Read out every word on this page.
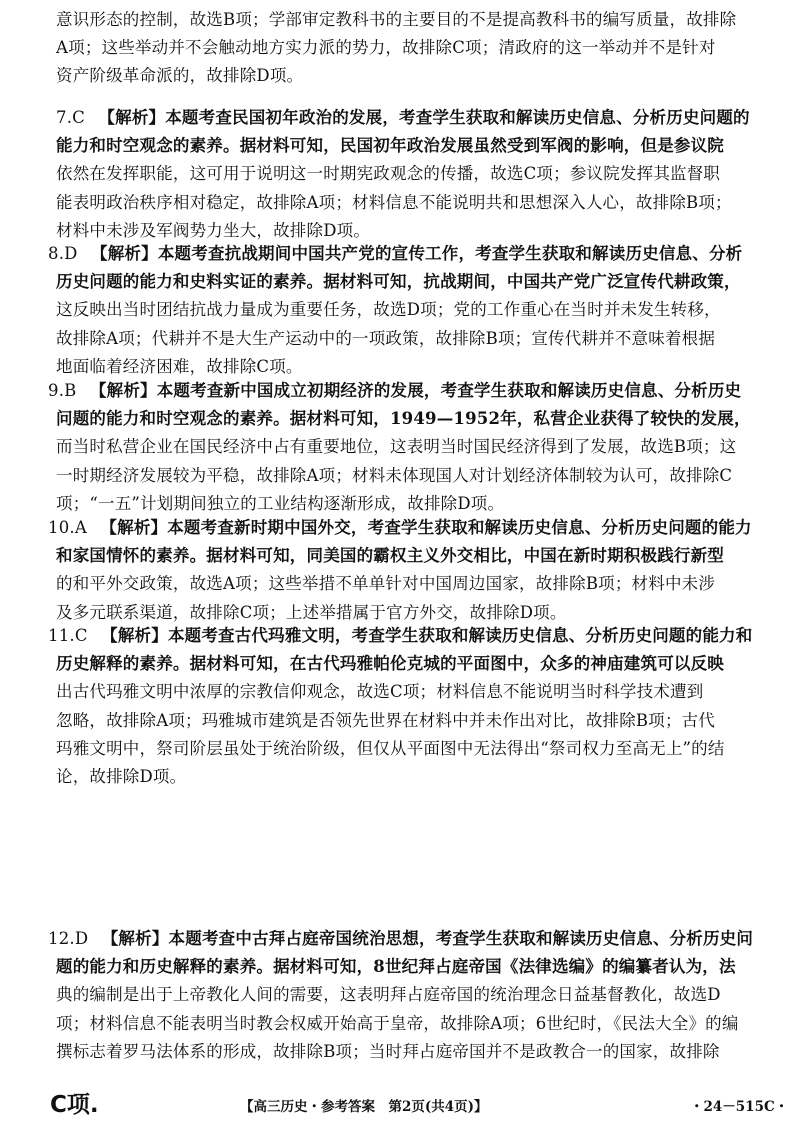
意识形态的控制，故选B项；学部审定教科书的主要目的不是提高教科书的编写质量，故排除
A项；这些举动并不会触动地方实力派的势力，故排除C项；清政府的这一举动并不是针对
资产阶级革命派的，故排除D项。
7.C 【解析】本题考查民国初年政治的发展，考查学生获取和解读历史信息、分析历史问题的
能力和时空观念的素养。据材料可知，民国初年政治发展虽然受到军阀的影响，但是参议院
依然在发挥职能，这可用于说明这一时期宪政观念的传播，故选C项；参议院发挥其监督职
能表明政治秩序相对稳定，故排除A项；材料信息不能说明共和思想深入人心，故排除B项；
材料中未涉及军阀势力坐大，故排除D项。
8.D 【解析】本题考查抗战期间中国共产党的宣传工作，考查学生获取和解读历史信息、分析
历史问题的能力和史料实证的素养。据材料可知，抗战期间，中国共产党广泛宣传代耕政策，
这反映出当时团结抗战力量成为重要任务，故选D项；党的工作重心在当时并未发生转移，
故排除A项；代耕并不是大生产运动中的一项政策，故排除B项；宣传代耕并不意味着根据
地面临着经济困难，故排除C项。
9.B 【解析】本题考查新中国成立初期经济的发展，考查学生获取和解读历史信息、分析历史
问题的能力和时空观念的素养。据材料可知，1949—1952年，私营企业获得了较快的发展，
而当时私营企业在国民经济中占有重要地位，这表明当时国民经济得到了发展，故选B项；这
一时期经济发展较为平稳，故排除A项；材料未体现国人对计划经济体制较为认可，故排除C
项；“一五”计划期间独立的工业结构逐渐形成，故排除D项。
10.A 【解析】本题考查新时期中国外交，考查学生获取和解读历史信息、分析历史问题的能力
和家国情怀的素养。据材料可知，同美国的霸权主义外交相比，中国在新时期积极践行新型
的和平外交政策，故选A项；这些举措不单单针对中国周边国家，故排除B项；材料中未涉
及多元联系渠道，故排除C项；上述举措属于官方外交，故排除D项。
11.C 【解析】本题考查古代玛雅文明，考查学生获取和解读历史信息、分析历史问题的能力和
历史解释的素养。据材料可知，在古代玛雅帕伦克城的平面图中，众多的神庙建筑可以反映
出古代玛雅文明中浓厚的宗教信仰观念，故选C项；材料信息不能说明当时科学技术遭到
忽略，故排除A项；玛雅城市建筑是否领先世界在材料中并未作出对比，故排除B项；古代
玛雅文明中，祭司阶层虽处于统治阶级，但仅从平面图中无法得出“祭司权力至高无上”的结
论，故排除D项。
12.D 【解析】本题考查中古拜占庭帝国统治思想，考查学生获取和解读历史信息、分析历史问
题的能力和历史解释的素养。据材料可知，8世纪拜占庭帝国《法律选编》的编纂者认为，法
典的编制是出于上帝教化人间的需要，这表明拜占庭帝国的统治理念日益基督教化，故选D
项；材料信息不能表明当时教会权威开始高于皇帝，故排除A项；6世纪时，《民法大全》的编
撰标志着罗马法体系的形成，故排除B项；当时拜占庭帝国并不是政教合一的国家，故排除
C项.	【高三历史・参考答案　第2页(共4页)】	・24－515C・
